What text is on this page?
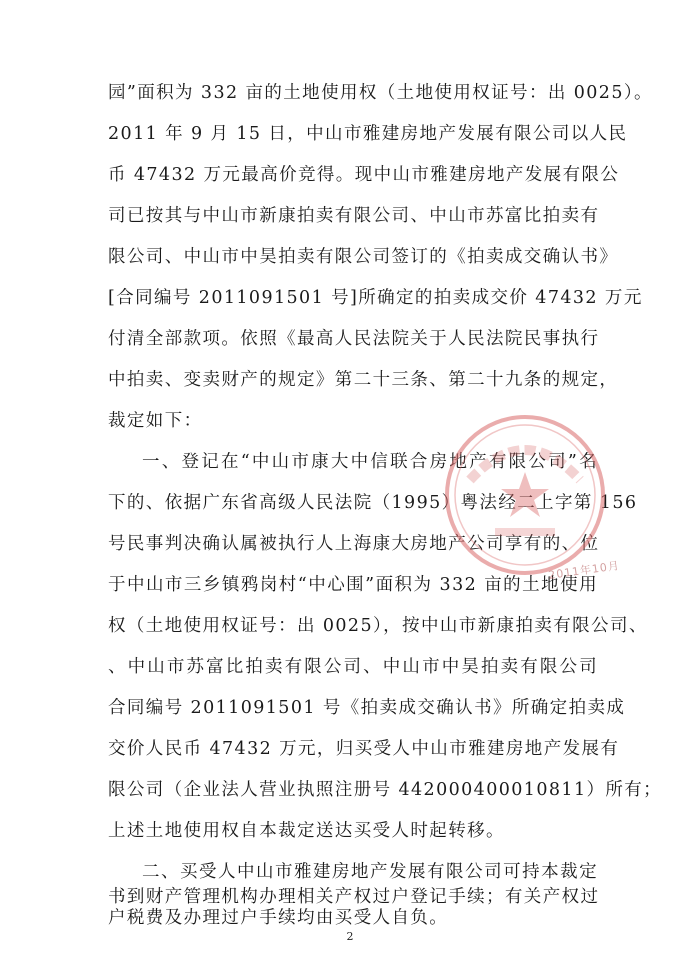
园”面积为 332 亩的土地使用权（土地使用权证号：出 0025）。
2011 年 9 月 15 日，中山市雅建房地产发展有限公司以人民
币 47432 万元最高价竞得。现中山市雅建房地产发展有限公
司已按其与中山市新康拍卖有限公司、中山市苏富比拍卖有
限公司、中山市中昊拍卖有限公司签订的《拍卖成交确认书》
[合同编号 2011091501 号]所确定的拍卖成交价 47432 万元
付清全部款项。依照《最高人民法院关于人民法院民事执行
中拍卖、变卖财产的规定》第二十三条、第二十九条的规定，
裁定如下：
一、登记在“中山市康大中信联合房地产有限公司”名
下的、依据广东省高级人民法院（1995）粤法经二上字第 156
号民事判决确认属被执行人上海康大房地产公司享有的、位
于中山市三乡镇鸦岗村“中心围”面积为 332 亩的土地使用
权（土地使用权证号：出 0025），按中山市新康拍卖有限公司、
、中山市苏富比拍卖有限公司、中山市中昊拍卖有限公司
合同编号 2011091501 号《拍卖成交确认书》所确定拍卖成
交价人民币 47432 万元，归买受人中山市雅建房地产发展有
限公司（企业法人营业执照注册号 442000400010811）所有；
上述土地使用权自本裁定送达买受人时起转移。
二、买受人中山市雅建房地产发展有限公司可持本裁定
书到财产管理机构办理相关产权过户登记手续；有关产权过
户税费及办理过户手续均由买受人自负。
2011年10月
2
